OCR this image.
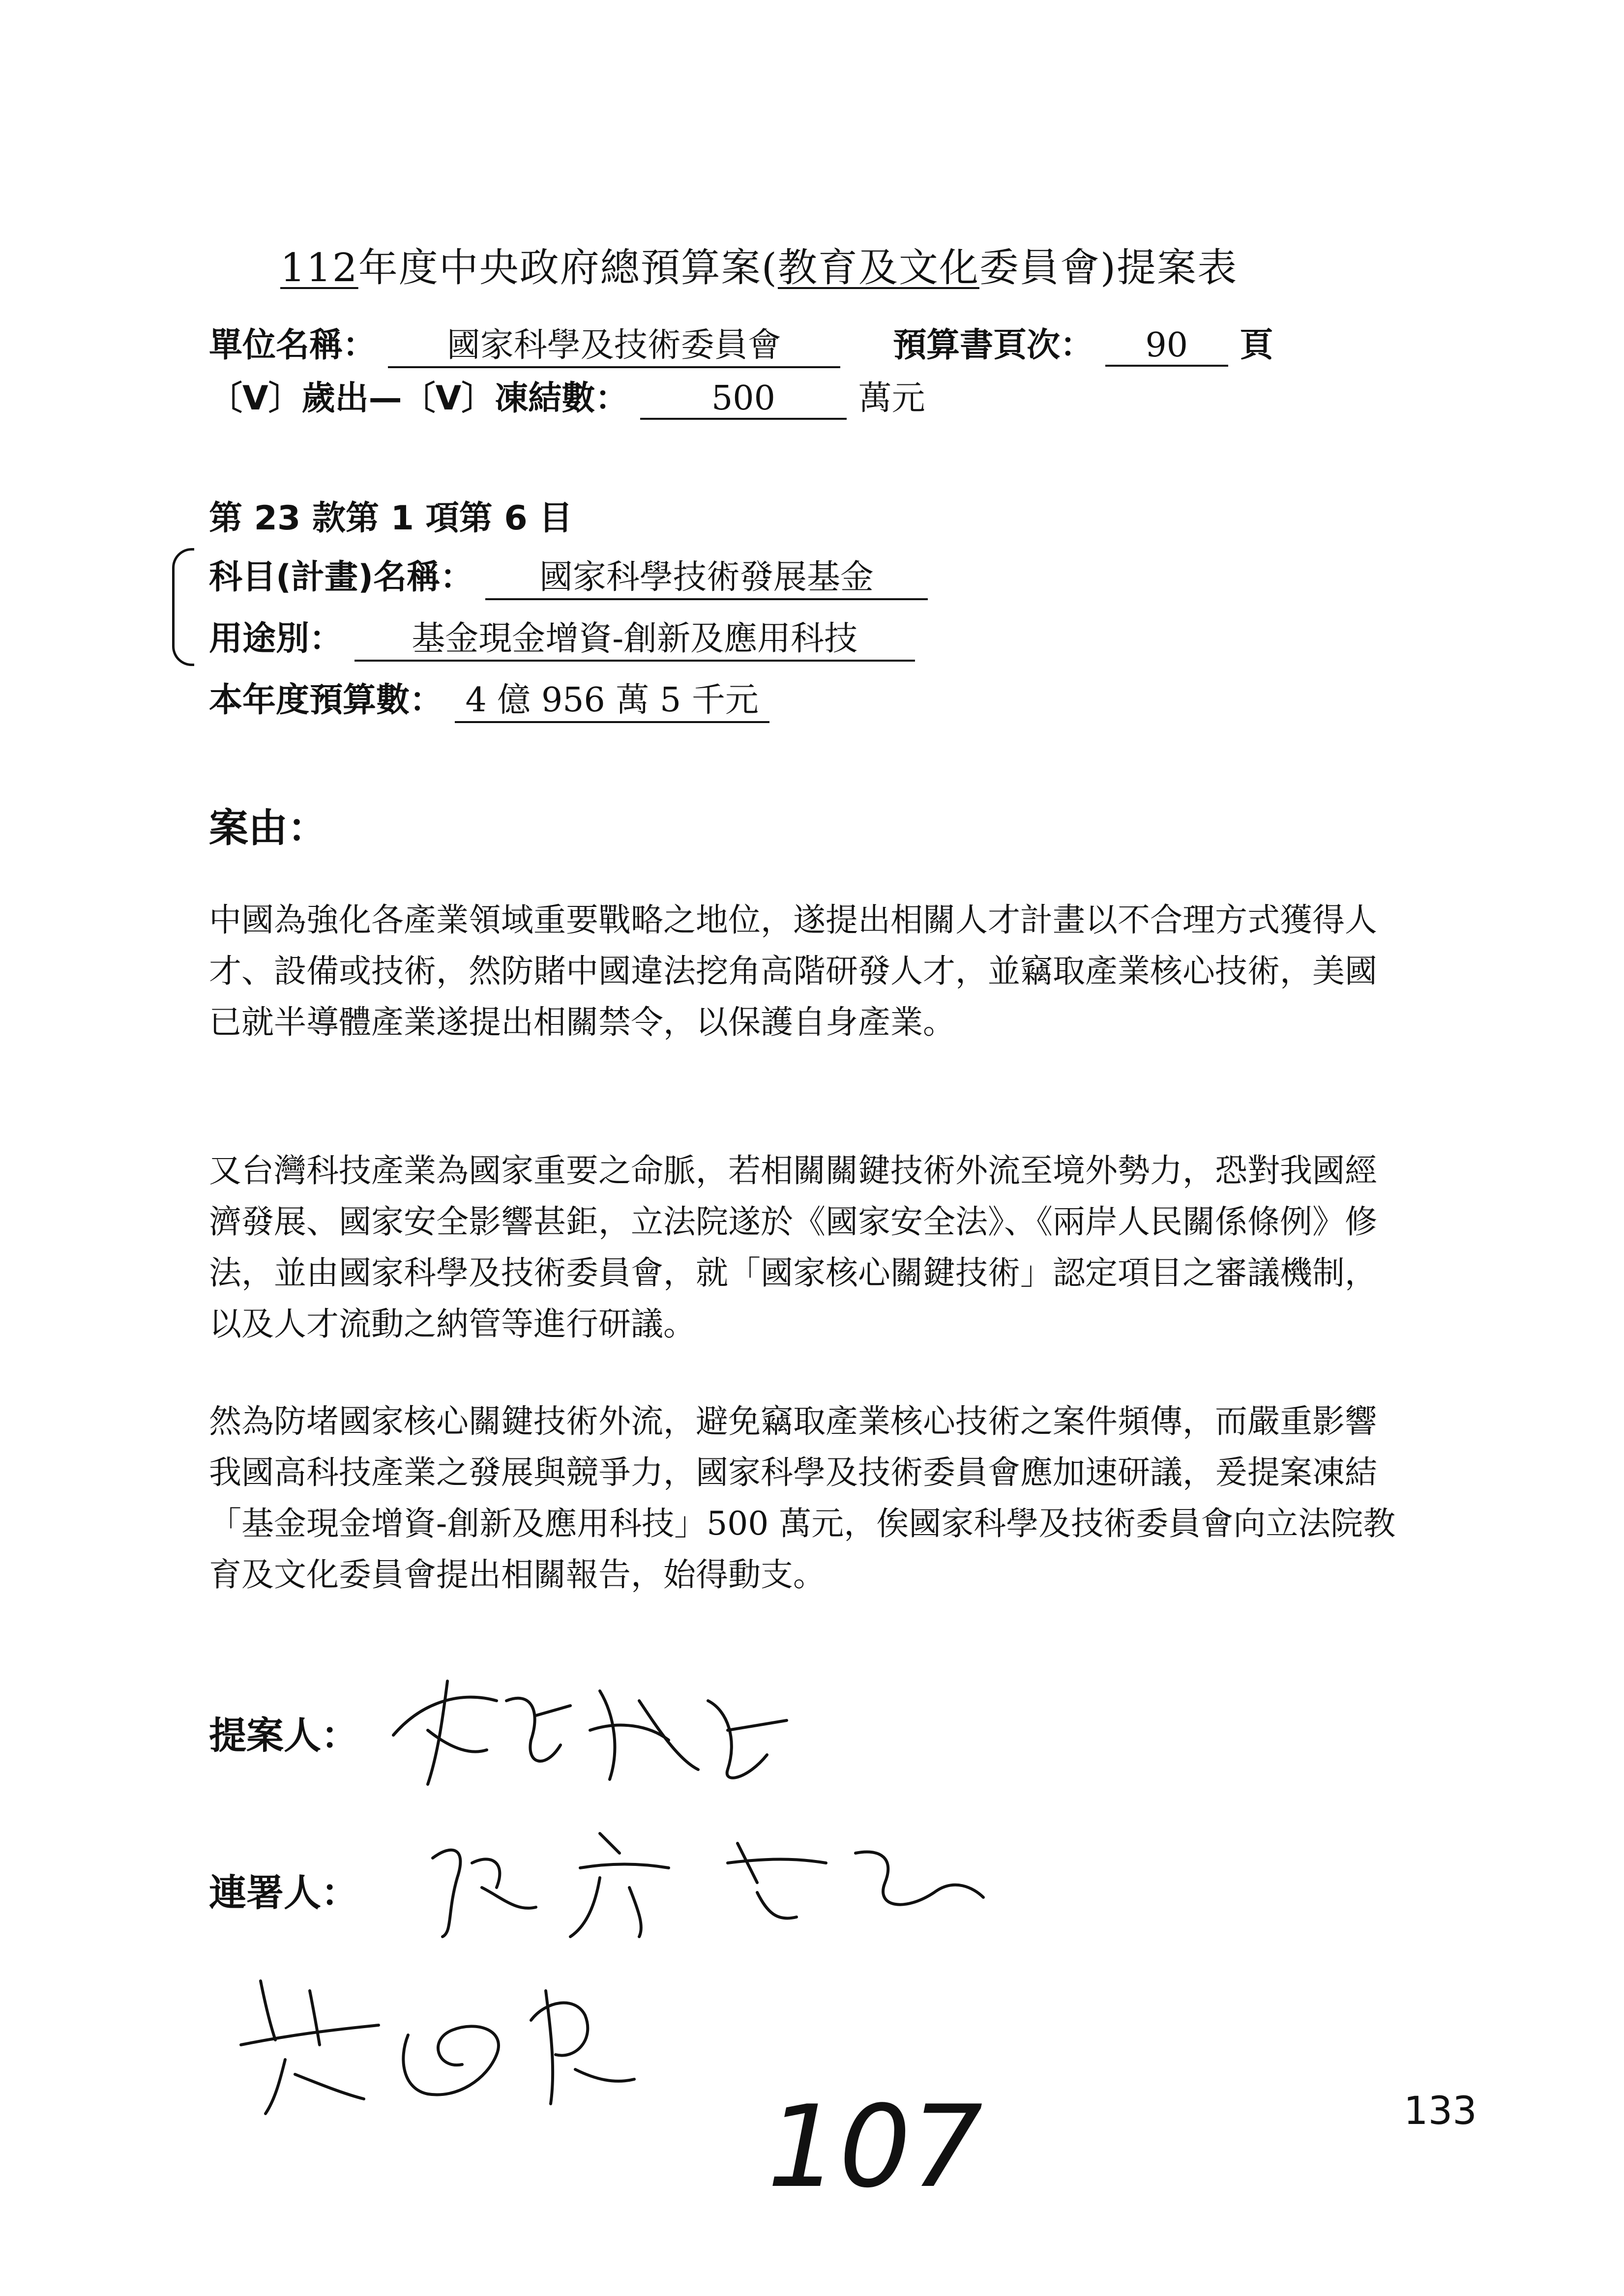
112年度中央政府總預算案(教育及文化委員會)提案表
單位名稱： 國家科學及技術委員會	預算書頁次： 90 頁
〔V〕歲出—〔V〕凍結數： 500 萬元
第 23 款第 1 項第 6 目
科目(計畫)名稱： 國家科學技術發展基金
用途別： 基金現金增資-創新及應用科技
本年度預算數： 4 億 956 萬 5 千元
案由：
中國為強化各產業領域重要戰略之地位，遂提出相關人才計畫以不合理方式獲得人才、設備或技術，然防賭中國違法挖角高階研發人才，並竊取產業核心技術，美國已就半導體產業遂提出相關禁令，以保護自身產業。
又台灣科技產業為國家重要之命脈，若相關關鍵技術外流至境外勢力，恐對我國經濟發展、國家安全影響甚鉅，立法院遂於《國家安全法》、《兩岸人民關係條例》修法，並由國家科學及技術委員會，就「國家核心關鍵技術」認定項目之審議機制，以及人才流動之納管等進行研議。
然為防堵國家核心關鍵技術外流，避免竊取產業核心技術之案件頻傳，而嚴重影響我國高科技產業之發展與競爭力，國家科學及技術委員會應加速研議，爰提案凍結「基金現金增資-創新及應用科技」500 萬元，俟國家科學及技術委員會向立法院教育及文化委員會提出相關報告，始得動支。
提案人：
連署人：
107	133
